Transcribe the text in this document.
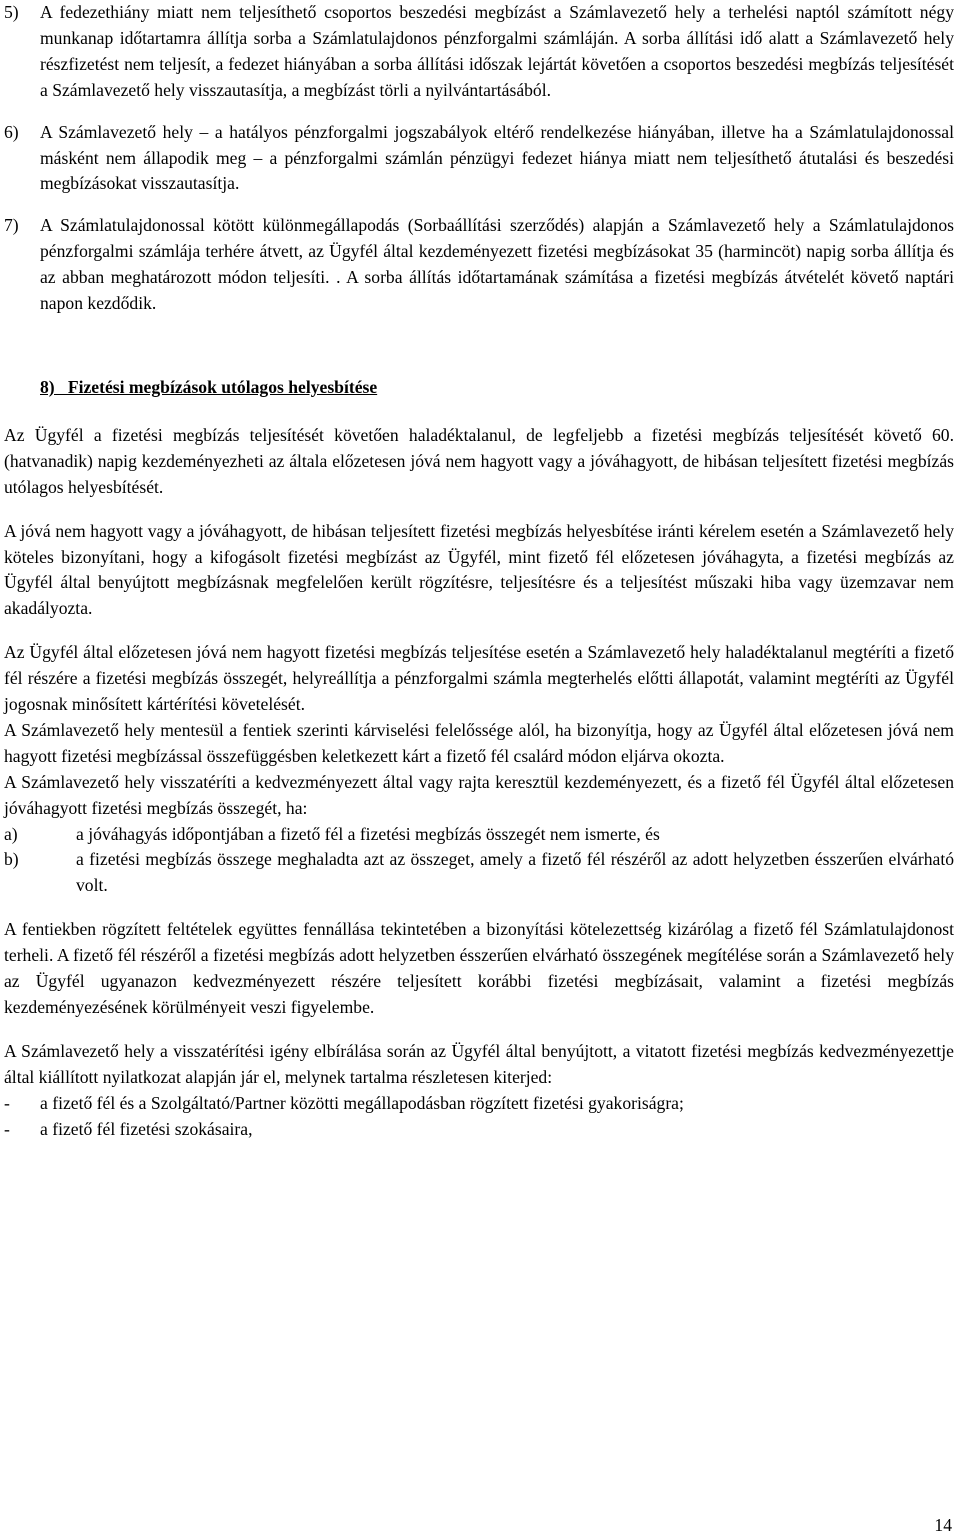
5)	A fedezethiány miatt nem teljesíthető csoportos beszedési megbízást a Számlavezető hely a terhelési naptól számított négy munkanap időtartamra állítja sorba a Számlatulajdonos pénzforgalmi számláján. A sorba állítási idő alatt a Számlavezető hely részfizetést nem teljesít, a fedezet hiányában a sorba állítási időszak lejártát követően a csoportos beszedési megbízás teljesítését a Számlavezető hely visszautasítja, a megbízást törli a nyilvántartásából.
6)	A Számlavezető hely – a hatályos pénzforgalmi jogszabályok eltérő rendelkezése hiányában, illetve ha a Számlatulajdonossal másként nem állapodik meg – a pénzforgalmi számlán pénzügyi fedezet hiánya miatt nem teljesíthető átutalási és beszedési megbízásokat visszautasítja.
7)	A Számlatulajdonossal kötött különmegállapodás (Sorbaállítási szerződés) alapján a Számlavezető hely a Számlatulajdonos pénzforgalmi számlája terhére átvett, az Ügyfél által kezdeményezett fizetési megbízásokat 35 (harmincöt) napig sorba állítja és az abban meghatározott módon teljesíti. . A sorba állítás időtartamának számítása a fizetési megbízás átvételét követő naptári napon kezdődik.

8)   Fizetési megbízások utólagos helyesbítése

Az Ügyfél a fizetési megbízás teljesítését követően haladéktalanul, de legfeljebb a fizetési megbízás teljesítését követő 60. (hatvanadik) napig kezdeményezheti az általa előzetesen jóvá nem hagyott vagy a jóváhagyott, de hibásan teljesített fizetési megbízás utólagos helyesbítését.

A jóvá nem hagyott vagy a jóváhagyott, de hibásan teljesített fizetési megbízás helyesbítése iránti kérelem esetén a Számlavezető hely köteles bizonyítani, hogy a kifogásolt fizetési megbízást az Ügyfél, mint fizető fél előzetesen jóváhagyta, a fizetési megbízás az Ügyfél által benyújtott megbízásnak megfelelően került rögzítésre, teljesítésre és a teljesítést műszaki hiba vagy üzemzavar nem akadályozta.

Az Ügyfél által előzetesen jóvá nem hagyott fizetési megbízás teljesítése esetén a Számlavezető hely haladéktalanul megtéríti a fizető fél részére a fizetési megbízás összegét, helyreállítja a pénzforgalmi számla megterhelés előtti állapotát, valamint megtéríti az Ügyfél jogosnak minősített kártérítési követelését.

A Számlavezető hely mentesül a fentiek szerinti kárviselési felelőssége alól, ha bizonyítja, hogy az Ügyfél által előzetesen jóvá nem hagyott fizetési megbízással összefüggésben keletkezett kárt a fizető fél csalárd módon eljárva okozta.

A Számlavezető hely visszatéríti a kedvezményezett által vagy rajta keresztül kezdeményezett, és a fizető fél Ügyfél által előzetesen jóváhagyott fizetési megbízás összegét, ha:

a)	a jóváhagyás időpontjában a fizető fél a fizetési megbízás összegét nem ismerte, és
b)	a fizetési megbízás összege meghaladta azt az összeget, amely a fizető fél részéről az adott helyzetben ésszerűen elvárható volt.

A fentiekben rögzített feltételek együttes fennállása tekintetében a bizonyítási kötelezettség kizárólag a fizető fél Számlatulajdonost terheli. A fizető fél részéről a fizetési megbízás adott helyzetben ésszerűen elvárható összegének megítélése során a Számlavezető hely az Ügyfél ugyanazon kedvezményezett részére teljesített korábbi fizetési megbízásait, valamint a fizetési megbízás kezdeményezésének körülményeit veszi figyelembe.

A Számlavezető hely a visszatérítési igény elbírálása során az Ügyfél által benyújtott, a vitatott fizetési megbízás kedvezményezettje által kiállított nyilatkozat alapján jár el, melynek tartalma részletesen kiterjed:

-	a fizető fél és a Szolgáltató/Partner közötti megállapodásban rögzített fizetési gyakoriságra;
-	a fizető fél fizetési szokásaira,
14
